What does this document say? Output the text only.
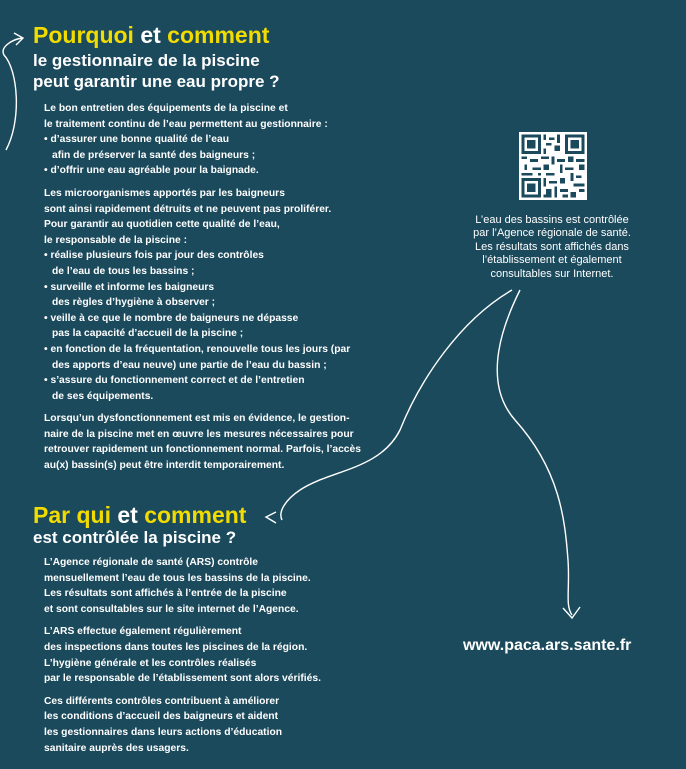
Pourquoi et comment
le gestionnaire de la piscine
peut garantir une eau propre ?

Le bon entretien des équipements de la piscine et
le traitement continu de l’eau permettent au gestionnaire :
• d’assurer une bonne qualité de l’eau
afin de préserver la santé des baigneurs ;
• d’offrir une eau agréable pour la baignade.

Les microorganismes apportés par les baigneurs
sont ainsi rapidement détruits et ne peuvent pas proliférer.
Pour garantir au quotidien cette qualité de l’eau,
le responsable de la piscine :
• réalise plusieurs fois par jour des contrôles
de l’eau de tous les bassins ;
• surveille et informe les baigneurs
des règles d’hygiène à observer ;
• veille à ce que le nombre de baigneurs ne dépasse
pas la capacité d’accueil de la piscine ;
• en fonction de la fréquentation, renouvelle tous les jours (par
des apports d’eau neuve) une partie de l’eau du bassin ;
• s’assure du fonctionnement correct et de l’entretien
de ses équipements.

Lorsqu’un dysfonctionnement est mis en évidence, le gestion-
naire de la piscine met en œuvre les mesures nécessaires pour
retrouver rapidement un fonctionnement normal. Parfois, l’accès
au(x) bassin(s) peut être interdit temporairement.

Par qui et comment
est contrôlée la piscine ?

L’Agence régionale de santé (ARS) contrôle
mensuellement l’eau de tous les bassins de la piscine.
Les résultats sont affichés à l’entrée de la piscine
et sont consultables sur le site internet de l’Agence.

L’ARS effectue également régulièrement
des inspections dans toutes les piscines de la région.
L’hygiène générale et les contrôles réalisés
par le responsable de l’établissement sont alors vérifiés.

Ces différents contrôles contribuent à améliorer
les conditions d’accueil des baigneurs et aident
les gestionnaires dans leurs actions d’éducation
sanitaire auprès des usagers.

L’eau des bassins est contrôlée
par l’Agence régionale de santé.
Les résultats sont affichés dans
l’établissement et également
consultables sur Internet.
www.paca.ars.sante.fr
